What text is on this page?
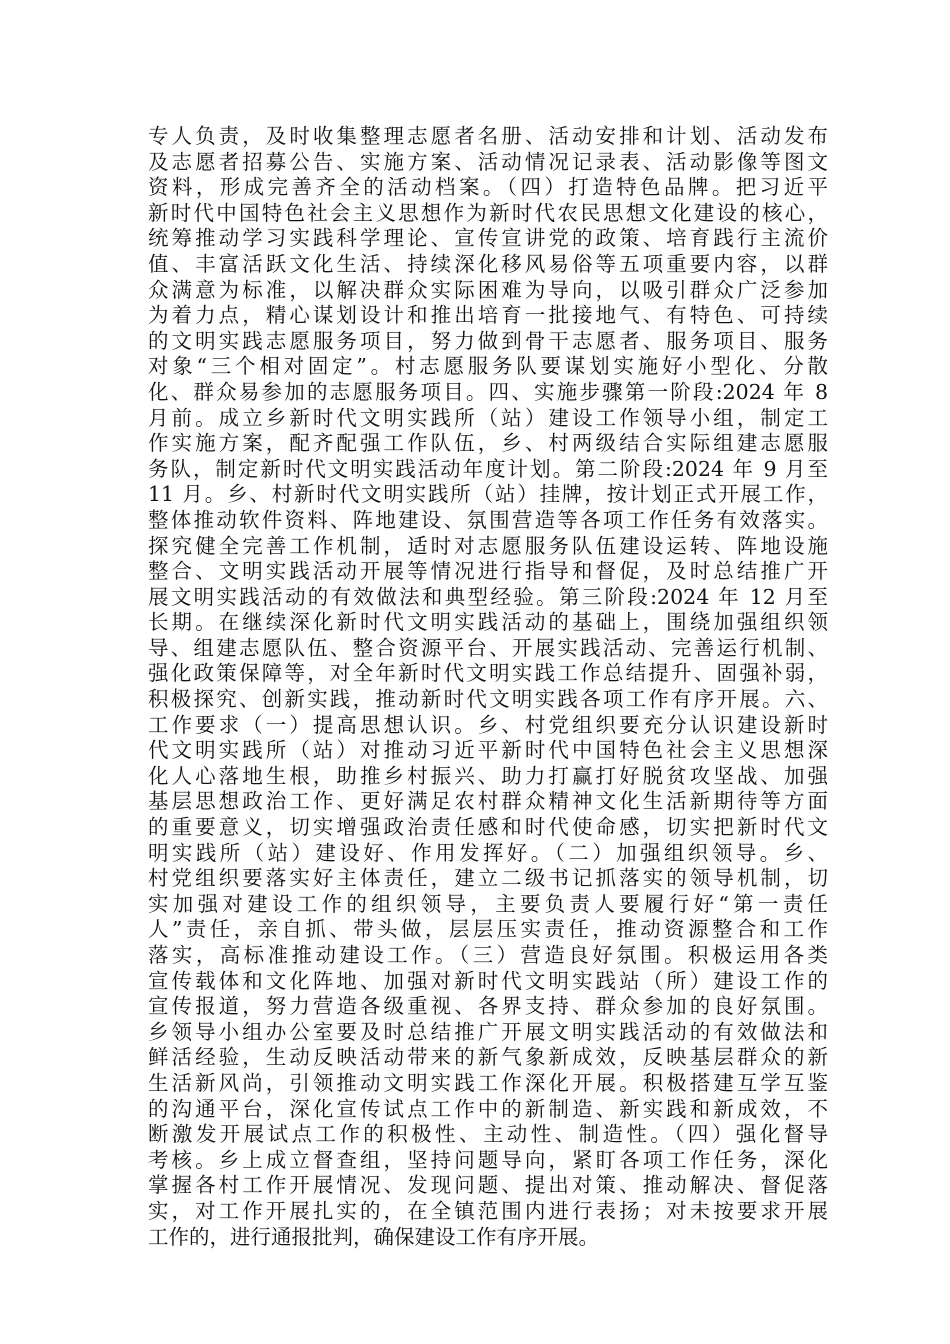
专人负责，及时收集整理志愿者名册、活动安排和计划、活动发布
及志愿者招募公告、实施方案、活动情况记录表、活动影像等图文
资料，形成完善齐全的活动档案。（四）打造特色品牌。把习近平
新时代中国特色社会主义思想作为新时代农民思想文化建设的核心，
统筹推动学习实践科学理论、宣传宣讲党的政策、培育践行主流价
值、丰富活跃文化生活、持续深化移风易俗等五项重要内容，以群
众满意为标准，以解决群众实际困难为导向，以吸引群众广泛参加
为着力点，精心谋划设计和推出培育一批接地气、有特色、可持续
的文明实践志愿服务项目，努力做到骨干志愿者、服务项目、服务
对象“三个相对固定”。村志愿服务队要谋划实施好小型化、分散
化、群众易参加的志愿服务项目。四、实施步骤第一阶段:2024 年 8
月前。成立乡新时代文明实践所（站）建设工作领导小组，制定工
作实施方案，配齐配强工作队伍，乡、村两级结合实际组建志愿服
务队，制定新时代文明实践活动年度计划。第二阶段:2024 年 9 月至
11 月。乡、村新时代文明实践所（站）挂牌，按计划正式开展工作，
整体推动软件资料、阵地建设、氛围营造等各项工作任务有效落实。
探究健全完善工作机制，适时对志愿服务队伍建设运转、阵地设施
整合、文明实践活动开展等情况进行指导和督促，及时总结推广开
展文明实践活动的有效做法和典型经验。第三阶段:2024 年 12 月至
长期。在继续深化新时代文明实践活动的基础上，围绕加强组织领
导、组建志愿队伍、整合资源平台、开展实践活动、完善运行机制、
强化政策保障等，对全年新时代文明实践工作总结提升、固强补弱，
积极探究、创新实践，推动新时代文明实践各项工作有序开展。六、
工作要求（一）提高思想认识。乡、村党组织要充分认识建设新时
代文明实践所（站）对推动习近平新时代中国特色社会主义思想深
化人心落地生根，助推乡村振兴、助力打赢打好脱贫攻坚战、加强
基层思想政治工作、更好满足农村群众精神文化生活新期待等方面
的重要意义，切实增强政治责任感和时代使命感，切实把新时代文
明实践所（站）建设好、作用发挥好。（二）加强组织领导。乡、
村党组织要落实好主体责任，建立二级书记抓落实的领导机制，切
实加强对建设工作的组织领导，主要负责人要履行好“第一责任
人”责任，亲自抓、带头做，层层压实责任，推动资源整合和工作
落实，高标准推动建设工作。（三）营造良好氛围。积极运用各类
宣传载体和文化阵地、加强对新时代文明实践站（所）建设工作的
宣传报道，努力营造各级重视、各界支持、群众参加的良好氛围。
乡领导小组办公室要及时总结推广开展文明实践活动的有效做法和
鲜活经验，生动反映活动带来的新气象新成效，反映基层群众的新
生活新风尚，引领推动文明实践工作深化开展。积极搭建互学互鉴
的沟通平台，深化宣传试点工作中的新制造、新实践和新成效，不
断激发开展试点工作的积极性、主动性、制造性。（四）强化督导
考核。乡上成立督查组，坚持问题导向，紧盯各项工作任务，深化
掌握各村工作开展情况、发现问题、提出对策、推动解决、督促落
实，对工作开展扎实的，在全镇范围内进行表扬；对未按要求开展
工作的，进行通报批判，确保建设工作有序开展。
